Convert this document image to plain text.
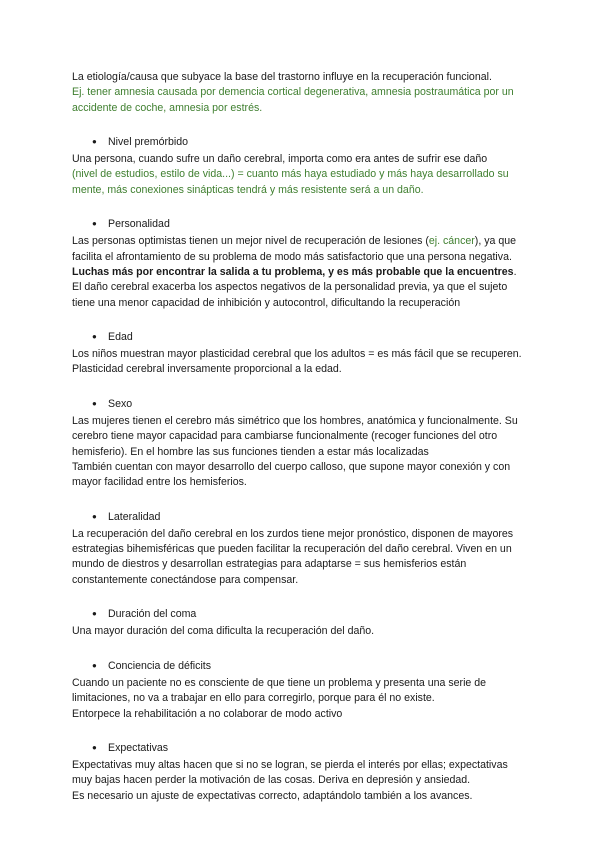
La etiología/causa que subyace la base del trastorno influye en la recuperación funcional.

Ej. tener amnesia causada por demencia cortical degenerativa, amnesia postraumática por un accidente de coche, amnesia por estrés.

● Nivel premórbido

Una persona, cuando sufre un daño cerebral, importa como era antes de sufrir ese daño
(nivel de estudios, estilo de vida...) = cuanto más haya estudiado y más haya desarrollado su mente, más conexiones sinápticas tendrá y más resistente será a un daño.

● Personalidad

Las personas optimistas tienen un mejor nivel de recuperación de lesiones (ej. cáncer), ya que facilita el afrontamiento de su problema de modo más satisfactorio que una persona negativa. Luchas más por encontrar la salida a tu problema, y es más probable que la encuentres.

El daño cerebral exacerba los aspectos negativos de la personalidad previa, ya que el sujeto tiene una menor capacidad de inhibición y autocontrol, dificultando la recuperación

● Edad

Los niños muestran mayor plasticidad cerebral que los adultos = es más fácil que se recuperen.

Plasticidad cerebral inversamente proporcional a la edad.

● Sexo

Las mujeres tienen el cerebro más simétrico que los hombres, anatómica y funcionalmente. Su cerebro tiene mayor capacidad para cambiarse funcionalmente (recoger funciones del otro hemisferio). En el hombre las sus funciones tienden a estar más localizadas

También cuentan con mayor desarrollo del cuerpo calloso, que supone mayor conexión y con mayor facilidad entre los hemisferios.

● Lateralidad

La recuperación del daño cerebral en los zurdos tiene mejor pronóstico, disponen de mayores estrategias bihemisféricas que pueden facilitar la recuperación del daño cerebral. Viven en un mundo de diestros y desarrollan estrategias para adaptarse = sus hemisferios están constantemente conectándose para compensar.

● Duración del coma

Una mayor duración del coma dificulta la recuperación del daño.

● Conciencia de déficits

Cuando un paciente no es consciente de que tiene un problema y presenta una serie de limitaciones, no va a trabajar en ello para corregirlo, porque para él no existe.

Entorpece la rehabilitación a no colaborar de modo activo

● Expectativas

Expectativas muy altas hacen que si no se logran, se pierda el interés por ellas; expectativas muy bajas hacen perder la motivación de las cosas. Deriva en depresión y ansiedad.

Es necesario un ajuste de expectativas correcto, adaptándolo también a los avances.
